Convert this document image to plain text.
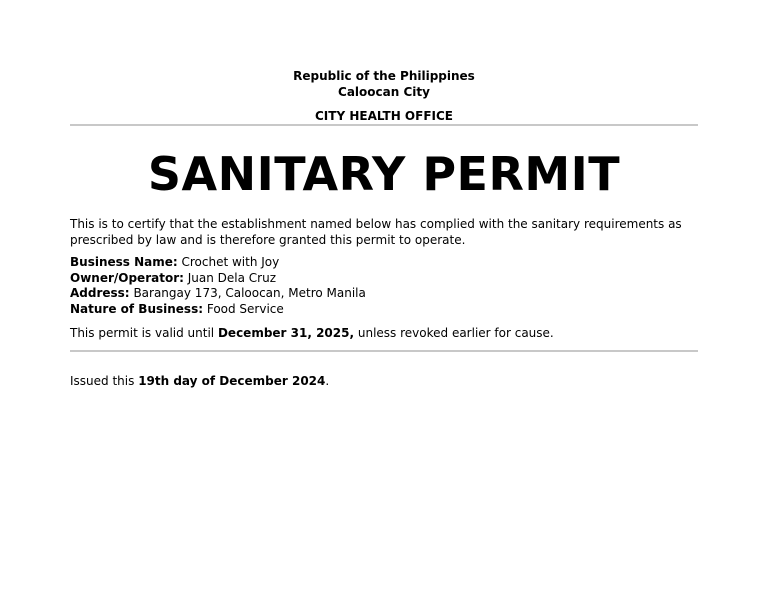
Republic of the Philippines
Caloocan City
CITY HEALTH OFFICE
SANITARY PERMIT
This is to certify that the establishment named below has complied with the sanitary requirements as prescribed by law and is therefore granted this permit to operate.
Business Name: Crochet with Joy
Owner/Operator: Juan Dela Cruz
Address: Barangay 173, Caloocan, Metro Manila
Nature of Business: Food Service
This permit is valid until December 31, 2025, unless revoked earlier for cause.
Issued this 19th day of December 2024.
